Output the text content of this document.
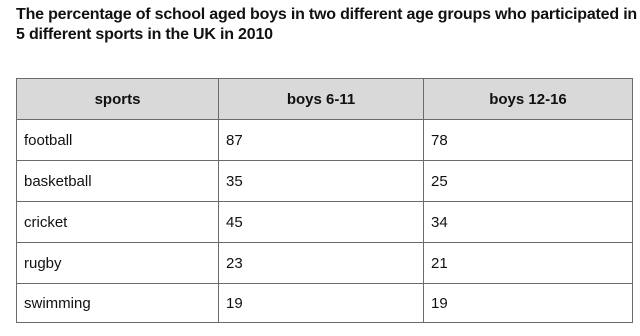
The percentage of school aged boys in two different age groups who participated in
5 different sports in the UK in 2010
sports	boys 6-11	boys 12-16
football	87	78
basketball	35	25
cricket	45	34
rugby	23	21
swimming	19	19
